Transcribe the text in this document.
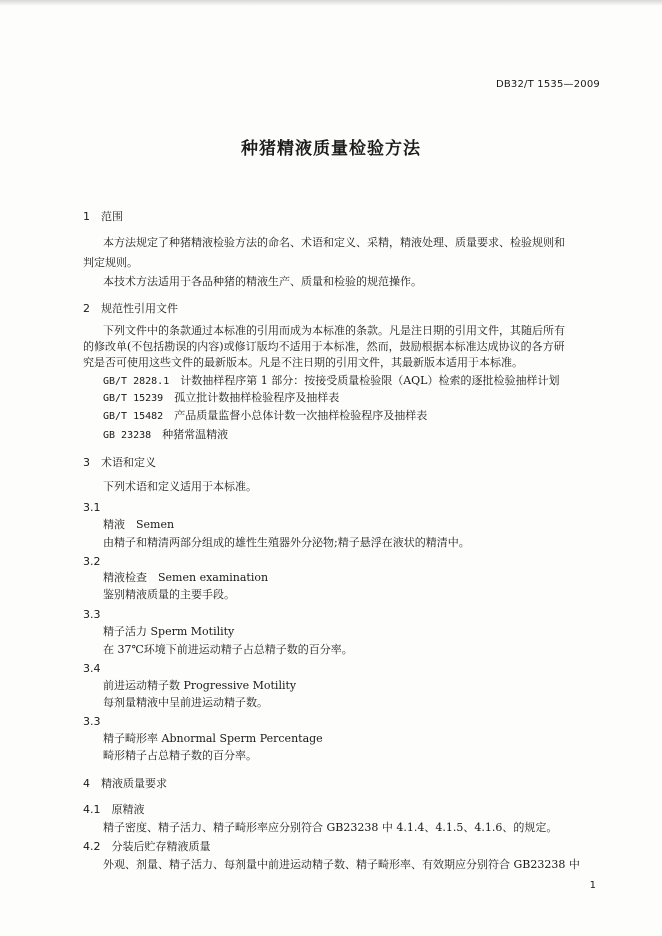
DB32/T 1535—2009
种猪精液质量检验方法
1　范围
本方法规定了种猪精液检验方法的命名、术语和定义、采精，精液处理、质量要求、检验规则和
判定规则。
本技术方法适用于各品种猪的精液生产、质量和检验的规范操作。
2　规范性引用文件
下列文件中的条款通过本标准的引用而成为本标准的条款。凡是注日期的引用文件，其随后所有
的修改单(不包括勘误的内容)或修订版均不适用于本标准，然而，鼓励根据本标准达成协议的各方研
究是否可使用这些文件的最新版本。凡是不注日期的引用文件，其最新版本适用于本标准。
GB/T 2828.1　 计数抽样程序第 1 部分：按接受质量检验限（AQL）检索的逐批检验抽样计划
GB/T 15239　 孤立批计数抽样检验程序及抽样表
GB/T 15482　 产品质量监督小总体计数一次抽样检验程序及抽样表
GB 23238　 种猪常温精液
3　术语和定义
下列术语和定义适用于本标准。
3.1
精液　Semen
由精子和精清两部分组成的雄性生殖器外分泌物;精子悬浮在液状的精清中。
3.2
精液检查　Semen examination
鉴别精液质量的主要手段。
3.3
精子活力 Sperm Motility
在 37℃环境下前进运动精子占总精子数的百分率。
3.4
前进运动精子数 Progressive Motility
每剂量精液中呈前进运动精子数。
3.3
精子畸形率 Abnormal Sperm Percentage
畸形精子占总精子数的百分率。
4　精液质量要求
4.1　 原精液
精子密度、精子活力、精子畸形率应分别符合 GB23238 中 4.1.4、4.1.5、4.1.6、的规定。
4.2　 分装后贮存精液质量
外观、剂量、精子活力、每剂量中前进运动精子数、精子畸形率、有效期应分别符合 GB23238 中
1
